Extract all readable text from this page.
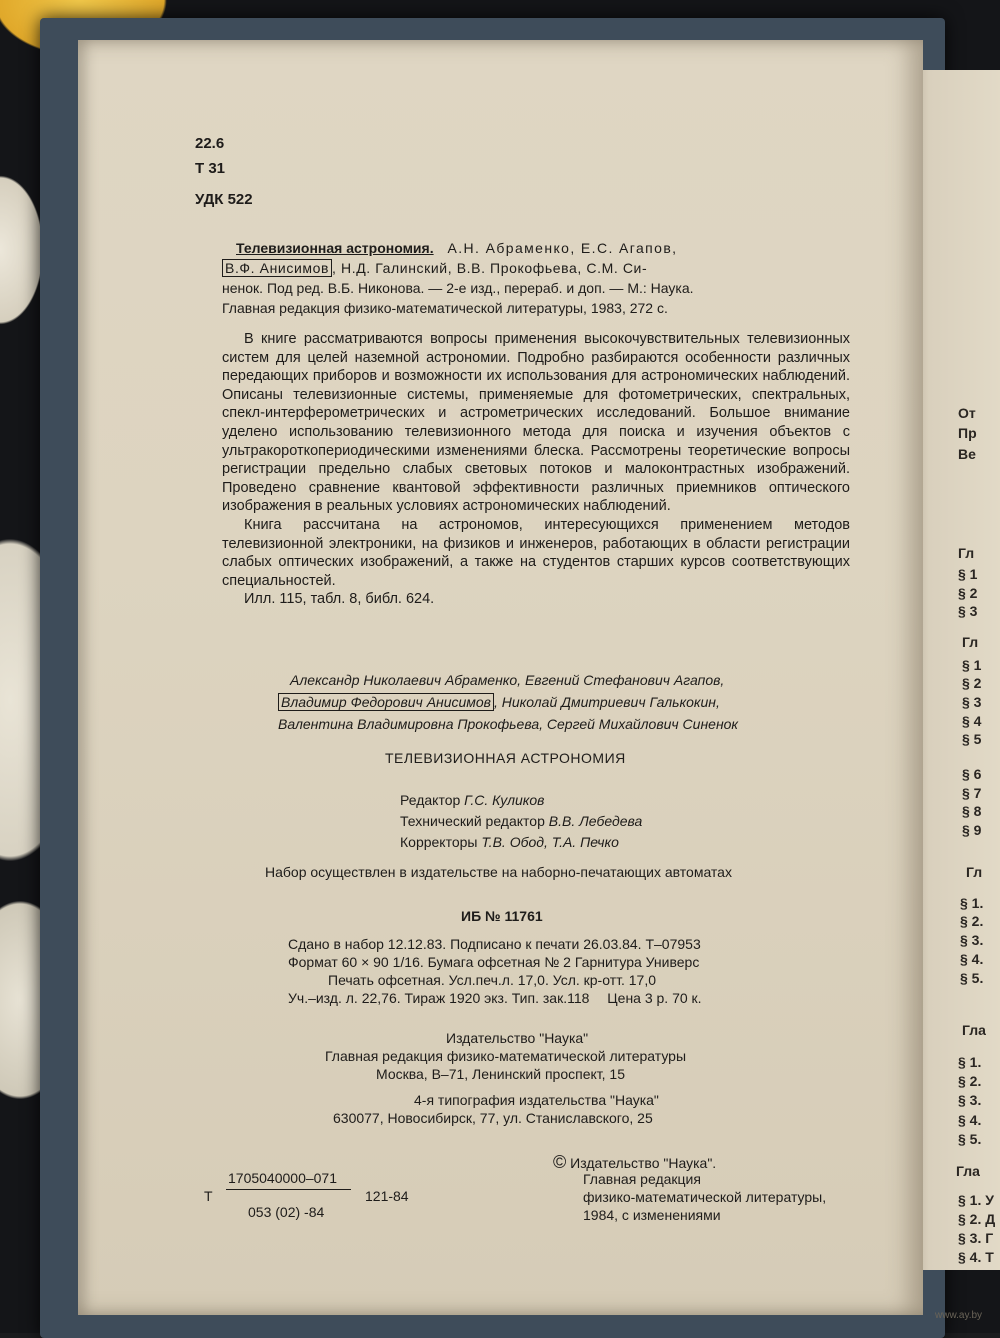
22.6
Т 31
УДК 522
Телевизионная астрономия. А.Н. Абраменко, Е.С. Агапов,
В.Ф. Анисимов , Н.Д. Галинский, В.В. Прокофьева, С.М. Си-
ненок. Под ред. В.Б. Никонова. — 2-е изд., перераб. и доп. — М.: Наука.
Главная редакция физико-математической литературы, 1983, 272 с.

В книге рассматриваются вопросы применения высокочувствительных телевизионных систем для целей наземной астрономии. Подробно разбираются особенности различных передающих приборов и возможности их использования для астрономических наблюдений. Описаны телевизионные системы, применяемые для фотометрических, спектральных, спекл-интерферометрических и астрометрических исследований. Большое внимание уделено использованию телевизионного метода для поиска и изучения объектов с ультракороткопериодическими изменениями блеска. Рассмотрены теоретические вопросы регистрации предельно слабых световых потоков и малоконтрастных изображений. Проведено сравнение квантовой эффективности различных приемников оптического изображения в реальных условиях астрономических наблюдений.

Книга рассчитана на астрономов, интересующихся применением методов телевизионной электроники, на физиков и инженеров, работающих в области регистрации слабых оптических изображений, а также на студентов старших курсов соответствующих специальностей.

Илл. 115, табл. 8, библ. 624.

Александр Николаевич Абраменко, Евгений Стефанович Агапов,
Владимир Федорович Анисимов , Николай Дмитриевич Галькокин,
Валентина Владимировна Прокофьева, Сергей Михайлович Синенок
ТЕЛЕВИЗИОННАЯ АСТРОНОМИЯ
Редактор Г.С. Куликов
Технический редактор В.В. Лебедева
Корректоры Т.В. Обод, Т.А. Печко
Набор осуществлен в издательстве на наборно-печатающих автоматах
ИБ № 11761
Сдано в набор 12.12.83. Подписано к печати 26.03.84. Т–07953
Формат 60 × 90 1/16. Бумага офсетная № 2 Гарнитура Универс
Печать офсетная. Усл.печ.л. 17,0. Усл. кр-отт. 17,0
Уч.–изд. л. 22,76. Тираж 1920 экз. Тип. зак.118 Цена 3 р. 70 к.
Издательство "Наука"
Главная редакция физико-математической литературы
Москва, В–71, Ленинский проспект, 15
4-я типография издательства "Наука"
630077, Новосибирск, 77, ул. Станиславского, 25
Т
1705040000–071
053 (02) -84
121-84
© Издательство "Наука".
Главная редакция
физико-математической литературы,
1984, с изменениями
От
Пр
Ве
Гл
§ 1
§ 2
§ 3
Гл
§ 1
§ 2
§ 3
§ 4
§ 5
§ 6
§ 7
§ 8
§ 9
Гл
§ 1.
§ 2.
§ 3.
§ 4.
§ 5.
Гла
§ 1.
§ 2.
§ 3.
§ 4.
§ 5.
Гла
§ 1. У
§ 2. Д
§ 3. Г
§ 4. Т
www.ay.by
